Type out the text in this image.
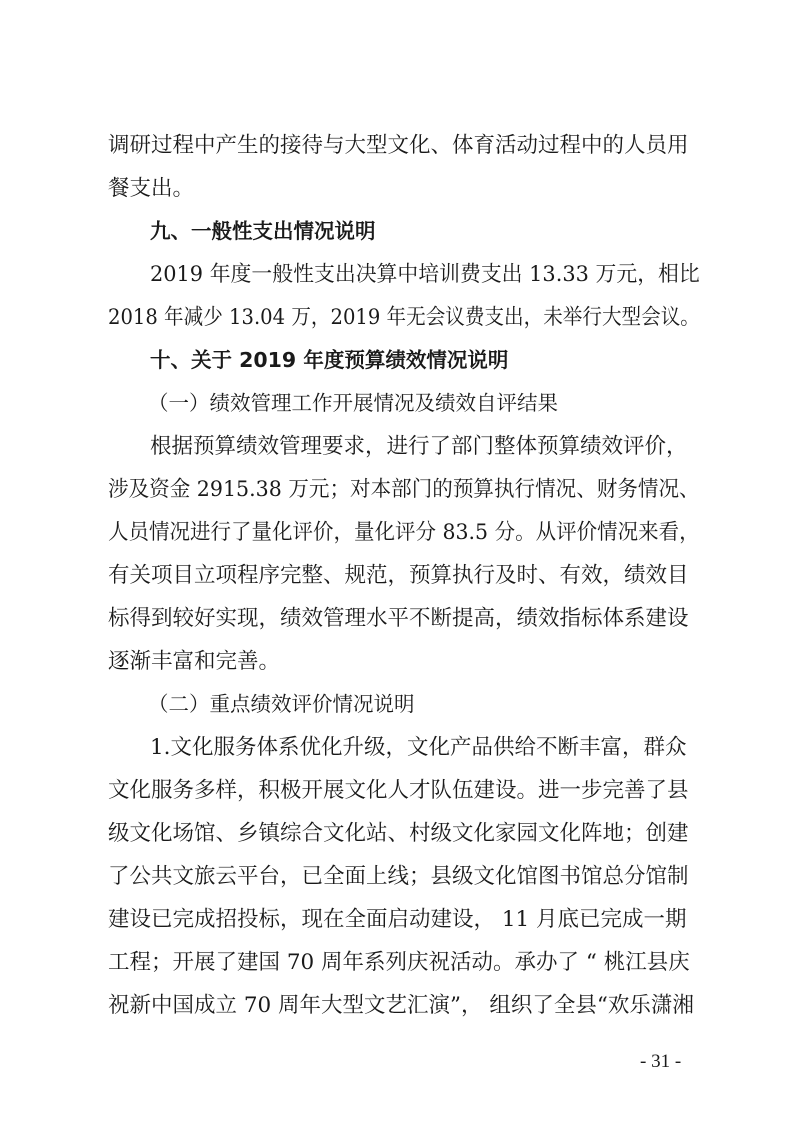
调研过程中产生的接待与大型文化、体育活动过程中的人员用
餐支出。
九、一般性支出情况说明
2019 年度一般性支出决算中培训费支出 13.33 万元，相比
2018 年减少 13.04 万，2019 年无会议费支出，未举行大型会议。
十、关于 2019 年度预算绩效情况说明
（一）绩效管理工作开展情况及绩效自评结果
根据预算绩效管理要求，进行了部门整体预算绩效评价，
涉及资金 2915.38 万元；对本部门的预算执行情况、财务情况、
人员情况进行了量化评价，量化评分 83.5 分。从评价情况来看，
有关项目立项程序完整、规范，预算执行及时、有效，绩效目
标得到较好实现，绩效管理水平不断提高，绩效指标体系建设
逐渐丰富和完善。
（二）重点绩效评价情况说明
1.文化服务体系优化升级，文化产品供给不断丰富，群众
文化服务多样，积极开展文化人才队伍建设。进一步完善了县
级文化场馆、乡镇综合文化站、村级文化家园文化阵地；创建
了公共文旅云平台，已全面上线；县级文化馆图书馆总分馆制
建设已完成招投标，现在全面启动建设， 11 月底已完成一期
工程；开展了建国 70 周年系列庆祝活动。承办了 “ 桃江县庆
祝新中国成立 70 周年大型文艺汇演”， 组织了全县“欢乐潇湘
- 31 -
